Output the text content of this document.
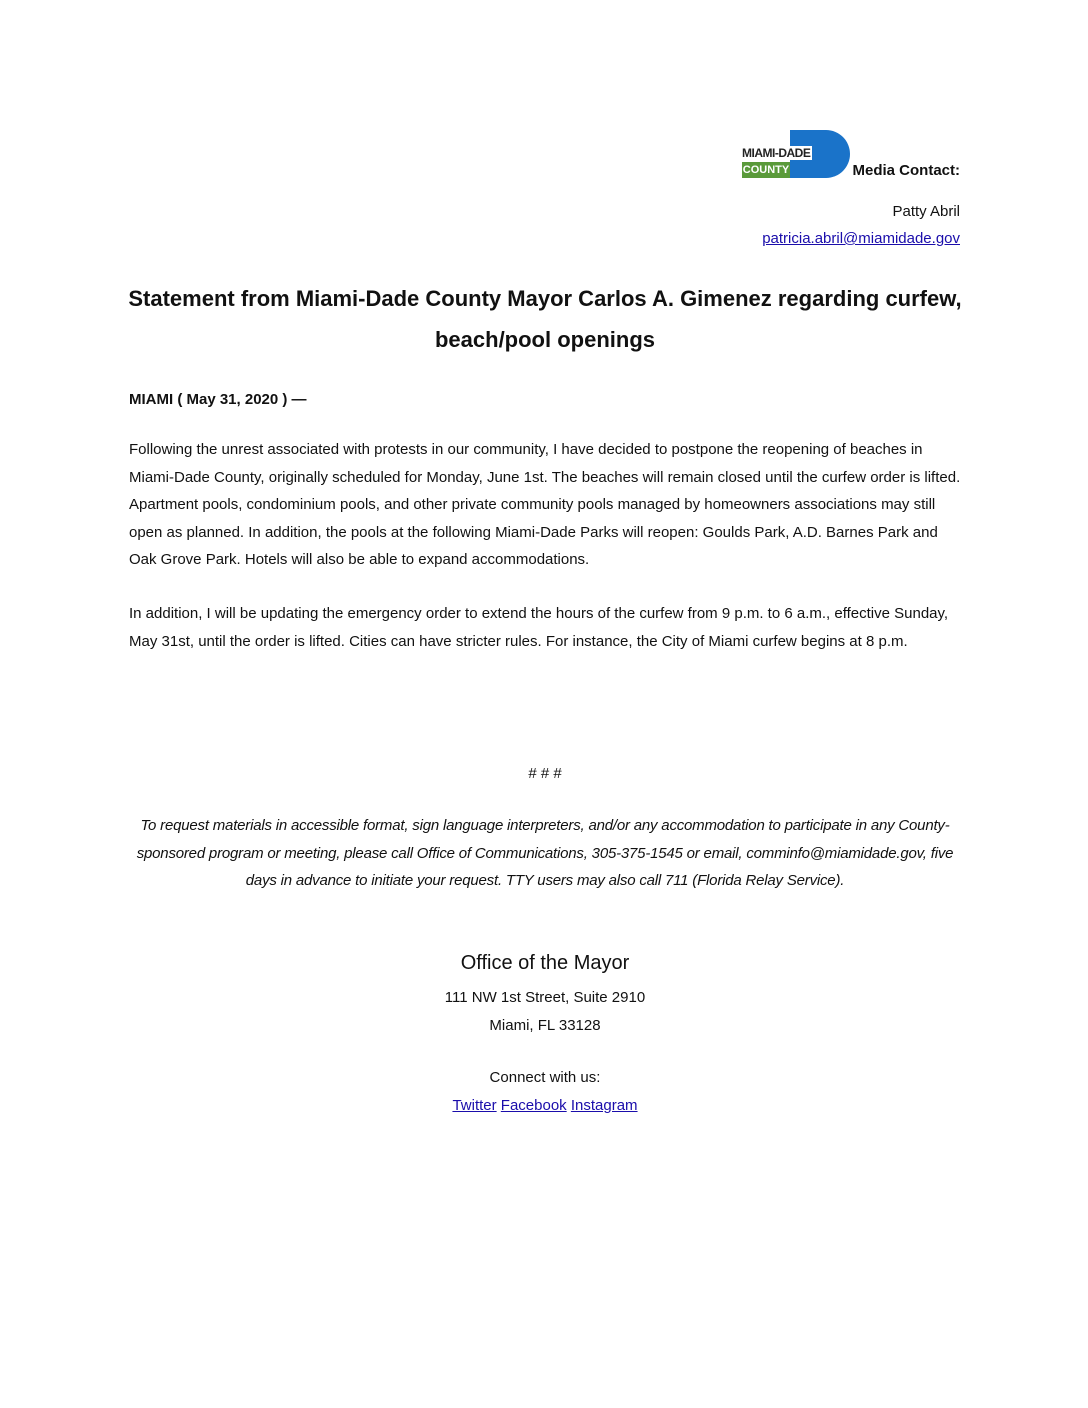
MIAMI-DADE
COUNTY	Media Contact:
Patty Abril
patricia.abril@miamidade.gov
Statement from Miami-Dade County Mayor Carlos A. Gimenez regarding curfew, beach/pool openings
MIAMI ( May 31, 2020 ) —
Following the unrest associated with protests in our community, I have decided to postpone the reopening of beaches in Miami-Dade County, originally scheduled for Monday, June 1st. The beaches will remain closed until the curfew order is lifted. Apartment pools, condominium pools, and other private community pools managed by homeowners associations may still open as planned. In addition, the pools at the following Miami-Dade Parks will reopen: Goulds Park, A.D. Barnes Park and Oak Grove Park. Hotels will also be able to expand accommodations.
In addition, I will be updating the emergency order to extend the hours of the curfew from 9 p.m. to 6 a.m., effective Sunday, May 31st, until the order is lifted. Cities can have stricter rules. For instance, the City of Miami curfew begins at 8 p.m.
# # #
To request materials in accessible format, sign language interpreters, and/or any accommodation to participate in any County-sponsored program or meeting, please call Office of Communications, 305-375-1545 or email, comminfo@miamidade.gov, five days in advance to initiate your request. TTY users may also call 711 (Florida Relay Service).
Office of the Mayor
111 NW 1st Street, Suite 2910
Miami, FL 33128
Connect with us:
Twitter Facebook Instagram
